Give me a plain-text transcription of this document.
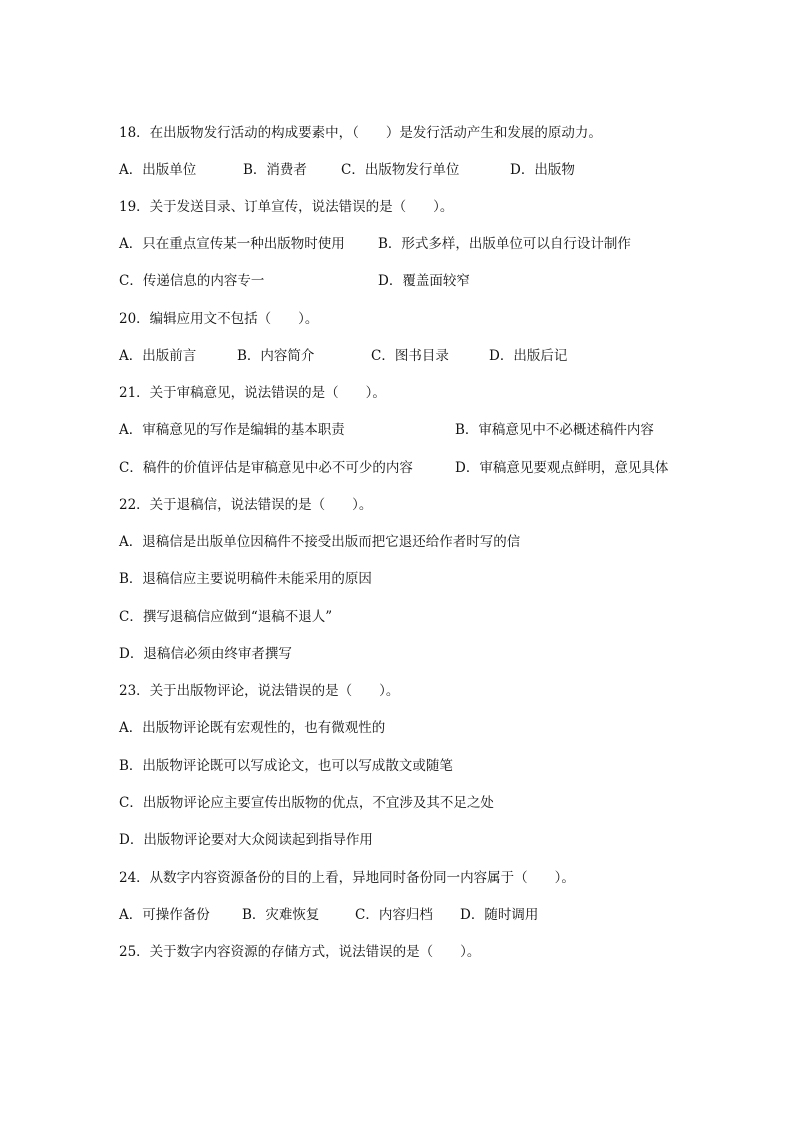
18．在出版物发行活动的构成要素中，（　　）是发行活动产生和发展的原动力。
A．出版单位	B．消费者	C．出版物发行单位	D．出版物
19．关于发送目录、订单宣传，说法错误的是（　　）。
A．只在重点宣传某一种出版物时使用 B．形式多样，出版单位可以自行设计制作
C．传递信息的内容专一	D．覆盖面较窄
20．编辑应用文不包括（　　）。
A．出版前言	B．内容简介	C．图书目录	D．出版后记
21．关于审稿意见，说法错误的是（　　）。
A．审稿意见的写作是编辑的基本职责	B．审稿意见中不必概述稿件内容
C．稿件的价值评估是审稿意见中必不可少的内容	D．审稿意见要观点鲜明，意见具体
22．关于退稿信，说法错误的是（　　）。
A．退稿信是出版单位因稿件不接受出版而把它退还给作者时写的信
B．退稿信应主要说明稿件未能采用的原因
C．撰写退稿信应做到“退稿不退人”
D．退稿信必须由终审者撰写
23．关于出版物评论，说法错误的是（　　）。
A．出版物评论既有宏观性的，也有微观性的
B．出版物评论既可以写成论文，也可以写成散文或随笔
C．出版物评论应主要宣传出版物的优点，不宜涉及其不足之处
D．出版物评论要对大众阅读起到指导作用
24．从数字内容资源备份的目的上看，异地同时备份同一内容属于（　　）。
A．可操作备份 B．灾难恢复	C．内容归档 D．随时调用
25．关于数字内容资源的存储方式，说法错误的是（　　）。
